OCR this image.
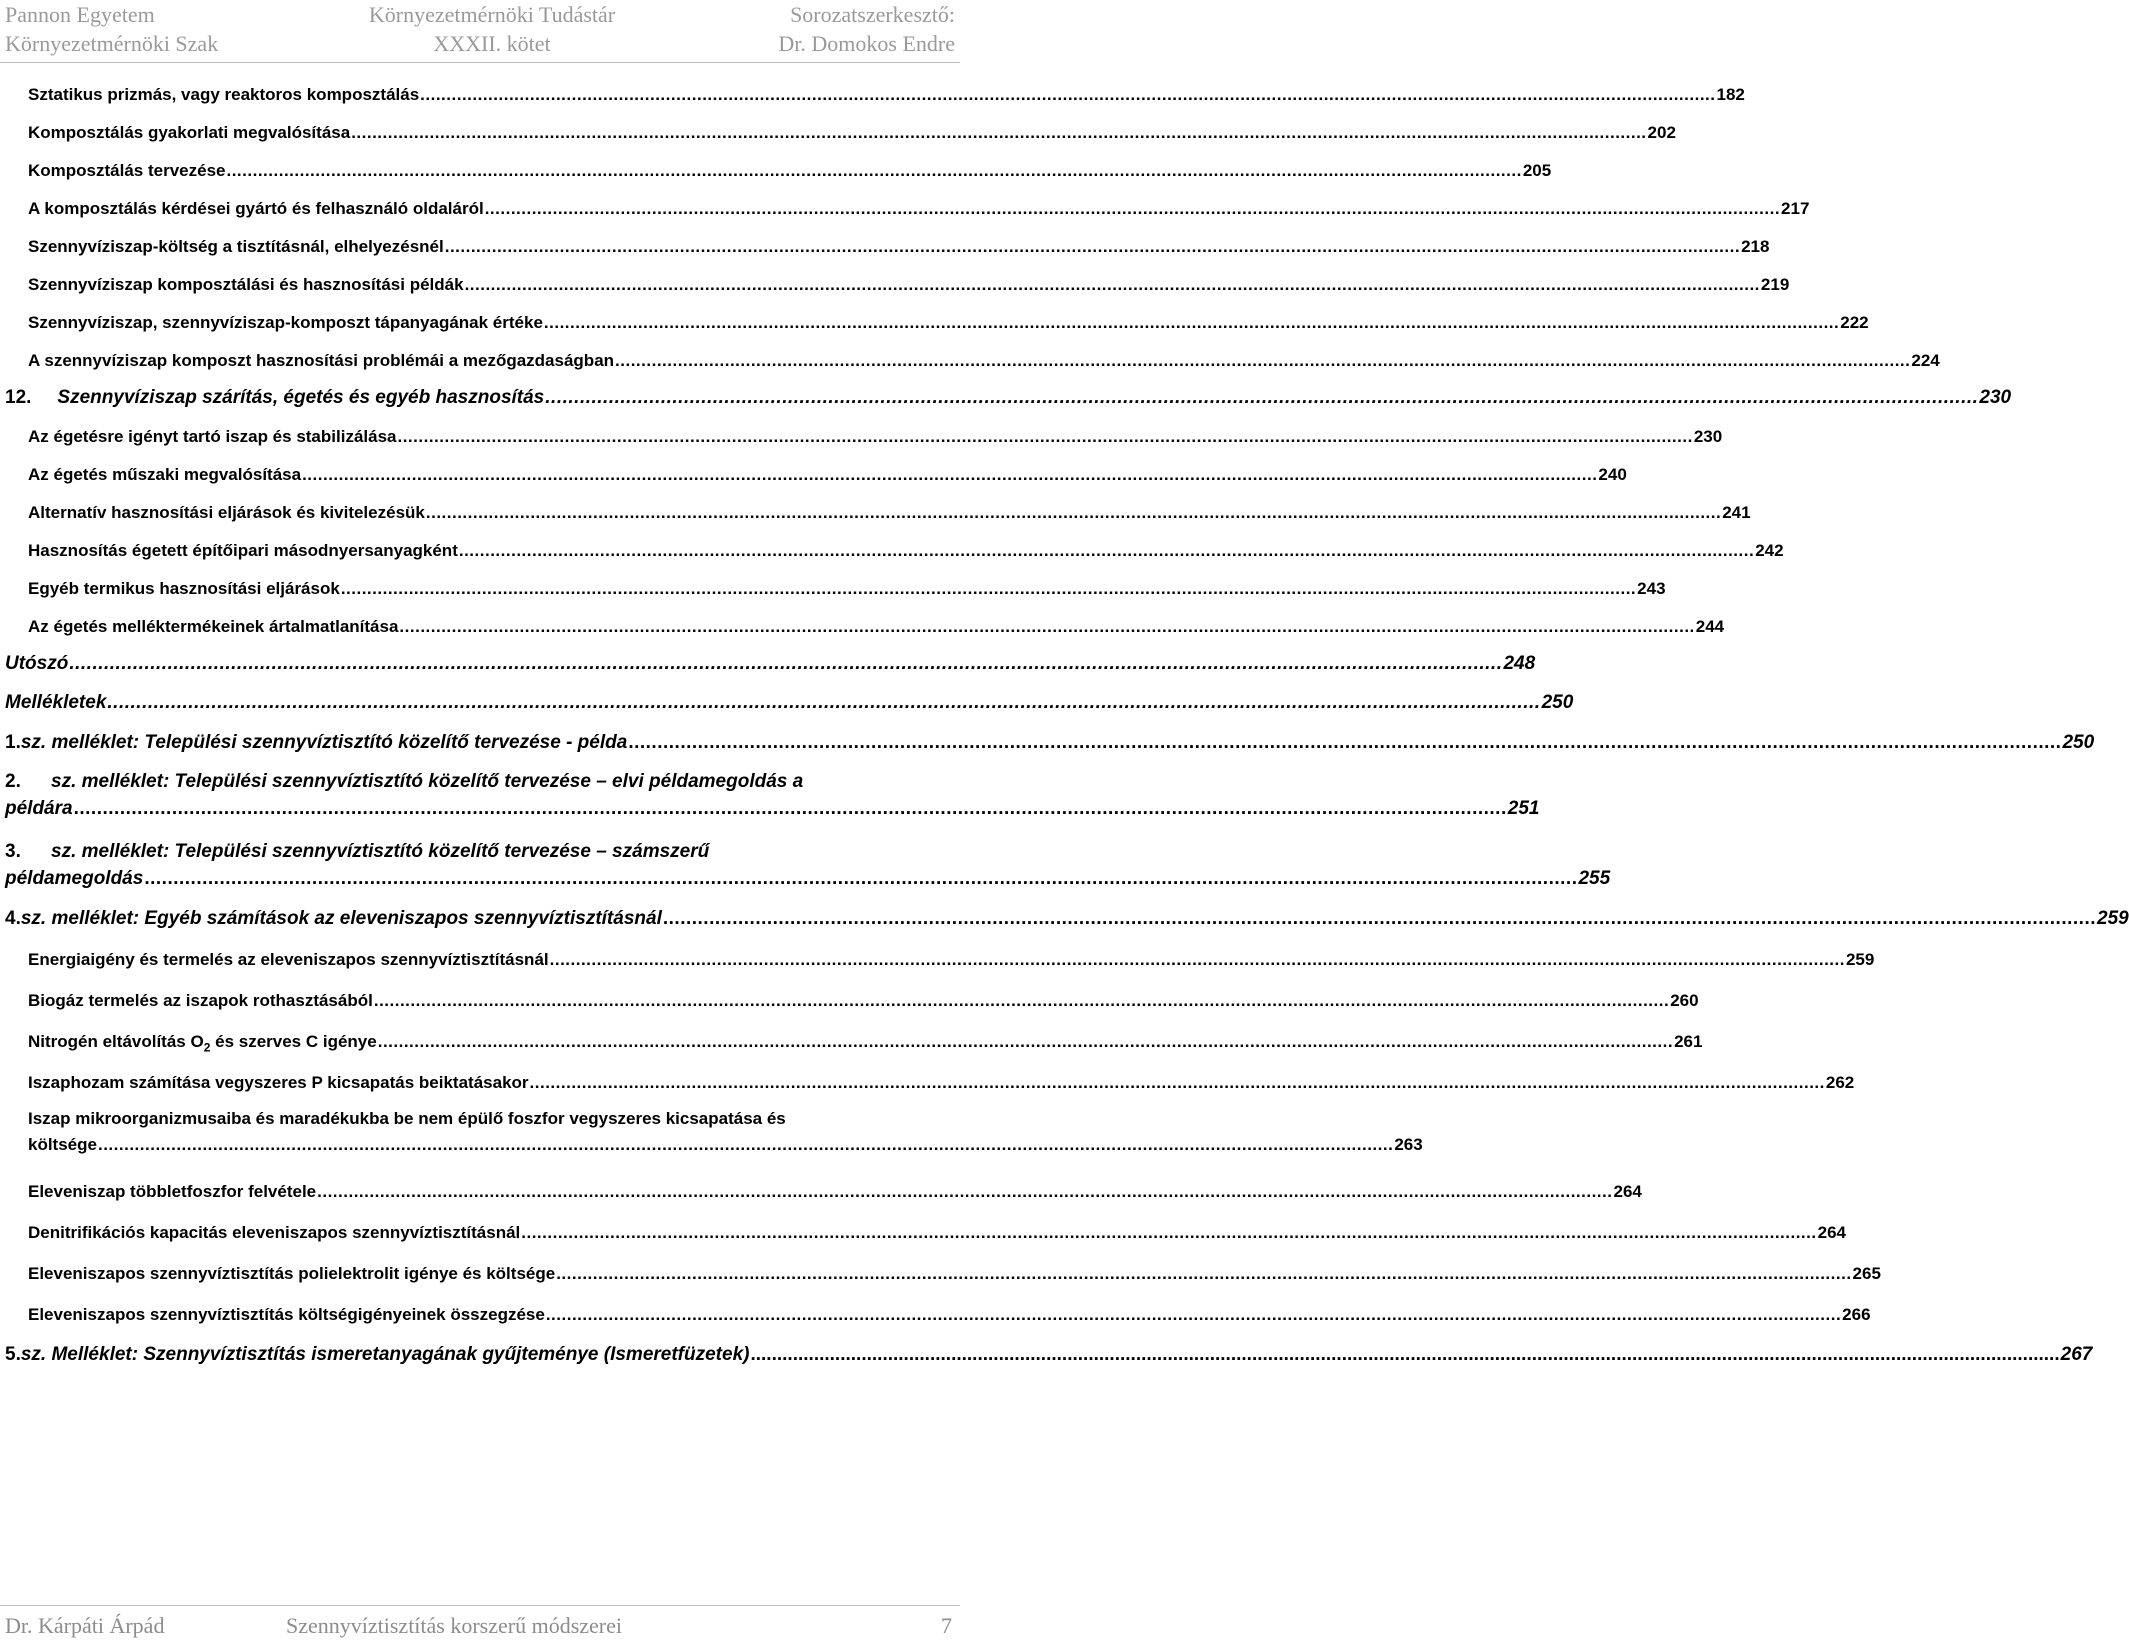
Pannon Egyetem
Környezetmérnöki Szak
Környezetmérnöki Tudástár
XXXII. kötet
Sorozatszerkesztő:
Dr. Domokos Endre
Sztatikus prizmás, vagy reaktoros komposztálás .....	182
Komposztálás gyakorlati megvalósítása .....	202
Komposztálás tervezése .....	205
A komposztálás kérdései gyártó és felhasználó oldaláról .....	217
Szennyvíziszap-költség a tisztításnál, elhelyezésnél .....	218
Szennyvíziszap komposztálási és hasznosítási példák .....	219
Szennyvíziszap, szennyvíziszap-komposzt tápanyagának értéke .....	222
A szennyvíziszap komposzt hasznosítási problémái a mezőgazdaságban .....	224
12.	Szennyvíziszap szárítás, égetés és egyéb hasznosítás .....	230
Az égetésre igényt tartó iszap és stabilizálása .....	230
Az égetés műszaki megvalósítása .....	240
Alternatív hasznosítási eljárások és kivitelezésük .....	241
Hasznosítás égetett építőipari másodnyersanyagként .....	242
Egyéb termikus hasznosítási eljárások .....	243
Az égetés melléktermékeinek ártalmatlanítása .....	244
Utószó .....	248
Mellékletek .....	250
1. sz. melléklet: Települési szennyvíztisztító közelítő tervezése - példa .....	250
2. sz. melléklet: Települési szennyvíztisztító közelítő tervezése – elvi példamegoldás a
példára .....	251
3. sz. melléklet: Települési szennyvíztisztító közelítő tervezése – számszerű
példamegoldás .....	255
4. sz. melléklet: Egyéb számítások az eleveniszapos szennyvíztisztításnál .....	259
Energiaigény és termelés az eleveniszapos szennyvíztisztításnál .....	259
Biogáz termelés az iszapok rothasztásából .....	260
Nitrogén eltávolítás $O_2$ és szerves C igénye .....	261
Iszaphozam számítása vegyszeres P kicsapatás beiktatásakor .....	262
Iszap mikroorganizmusaiba és maradékukba be nem épülő foszfor vegyszeres kicsapatása és
költsége .....	263
Eleveniszap többletfoszfor felvétele .....	264
Denitrifikációs kapacitás eleveniszapos szennyvíztisztításnál .....	264
Eleveniszapos szennyvíztisztítás polielektrolit igénye és költsége .....	265
Eleveniszapos szennyvíztisztítás költségigényeinek összegzése .....	266
5. sz. Melléklet: Szennyvíztisztítás ismeretanyagának gyűjteménye (Ismeretfüzetek) .....	267
Dr. Kárpáti Árpád	Szennyvíztisztítás korszerű módszerei	7
